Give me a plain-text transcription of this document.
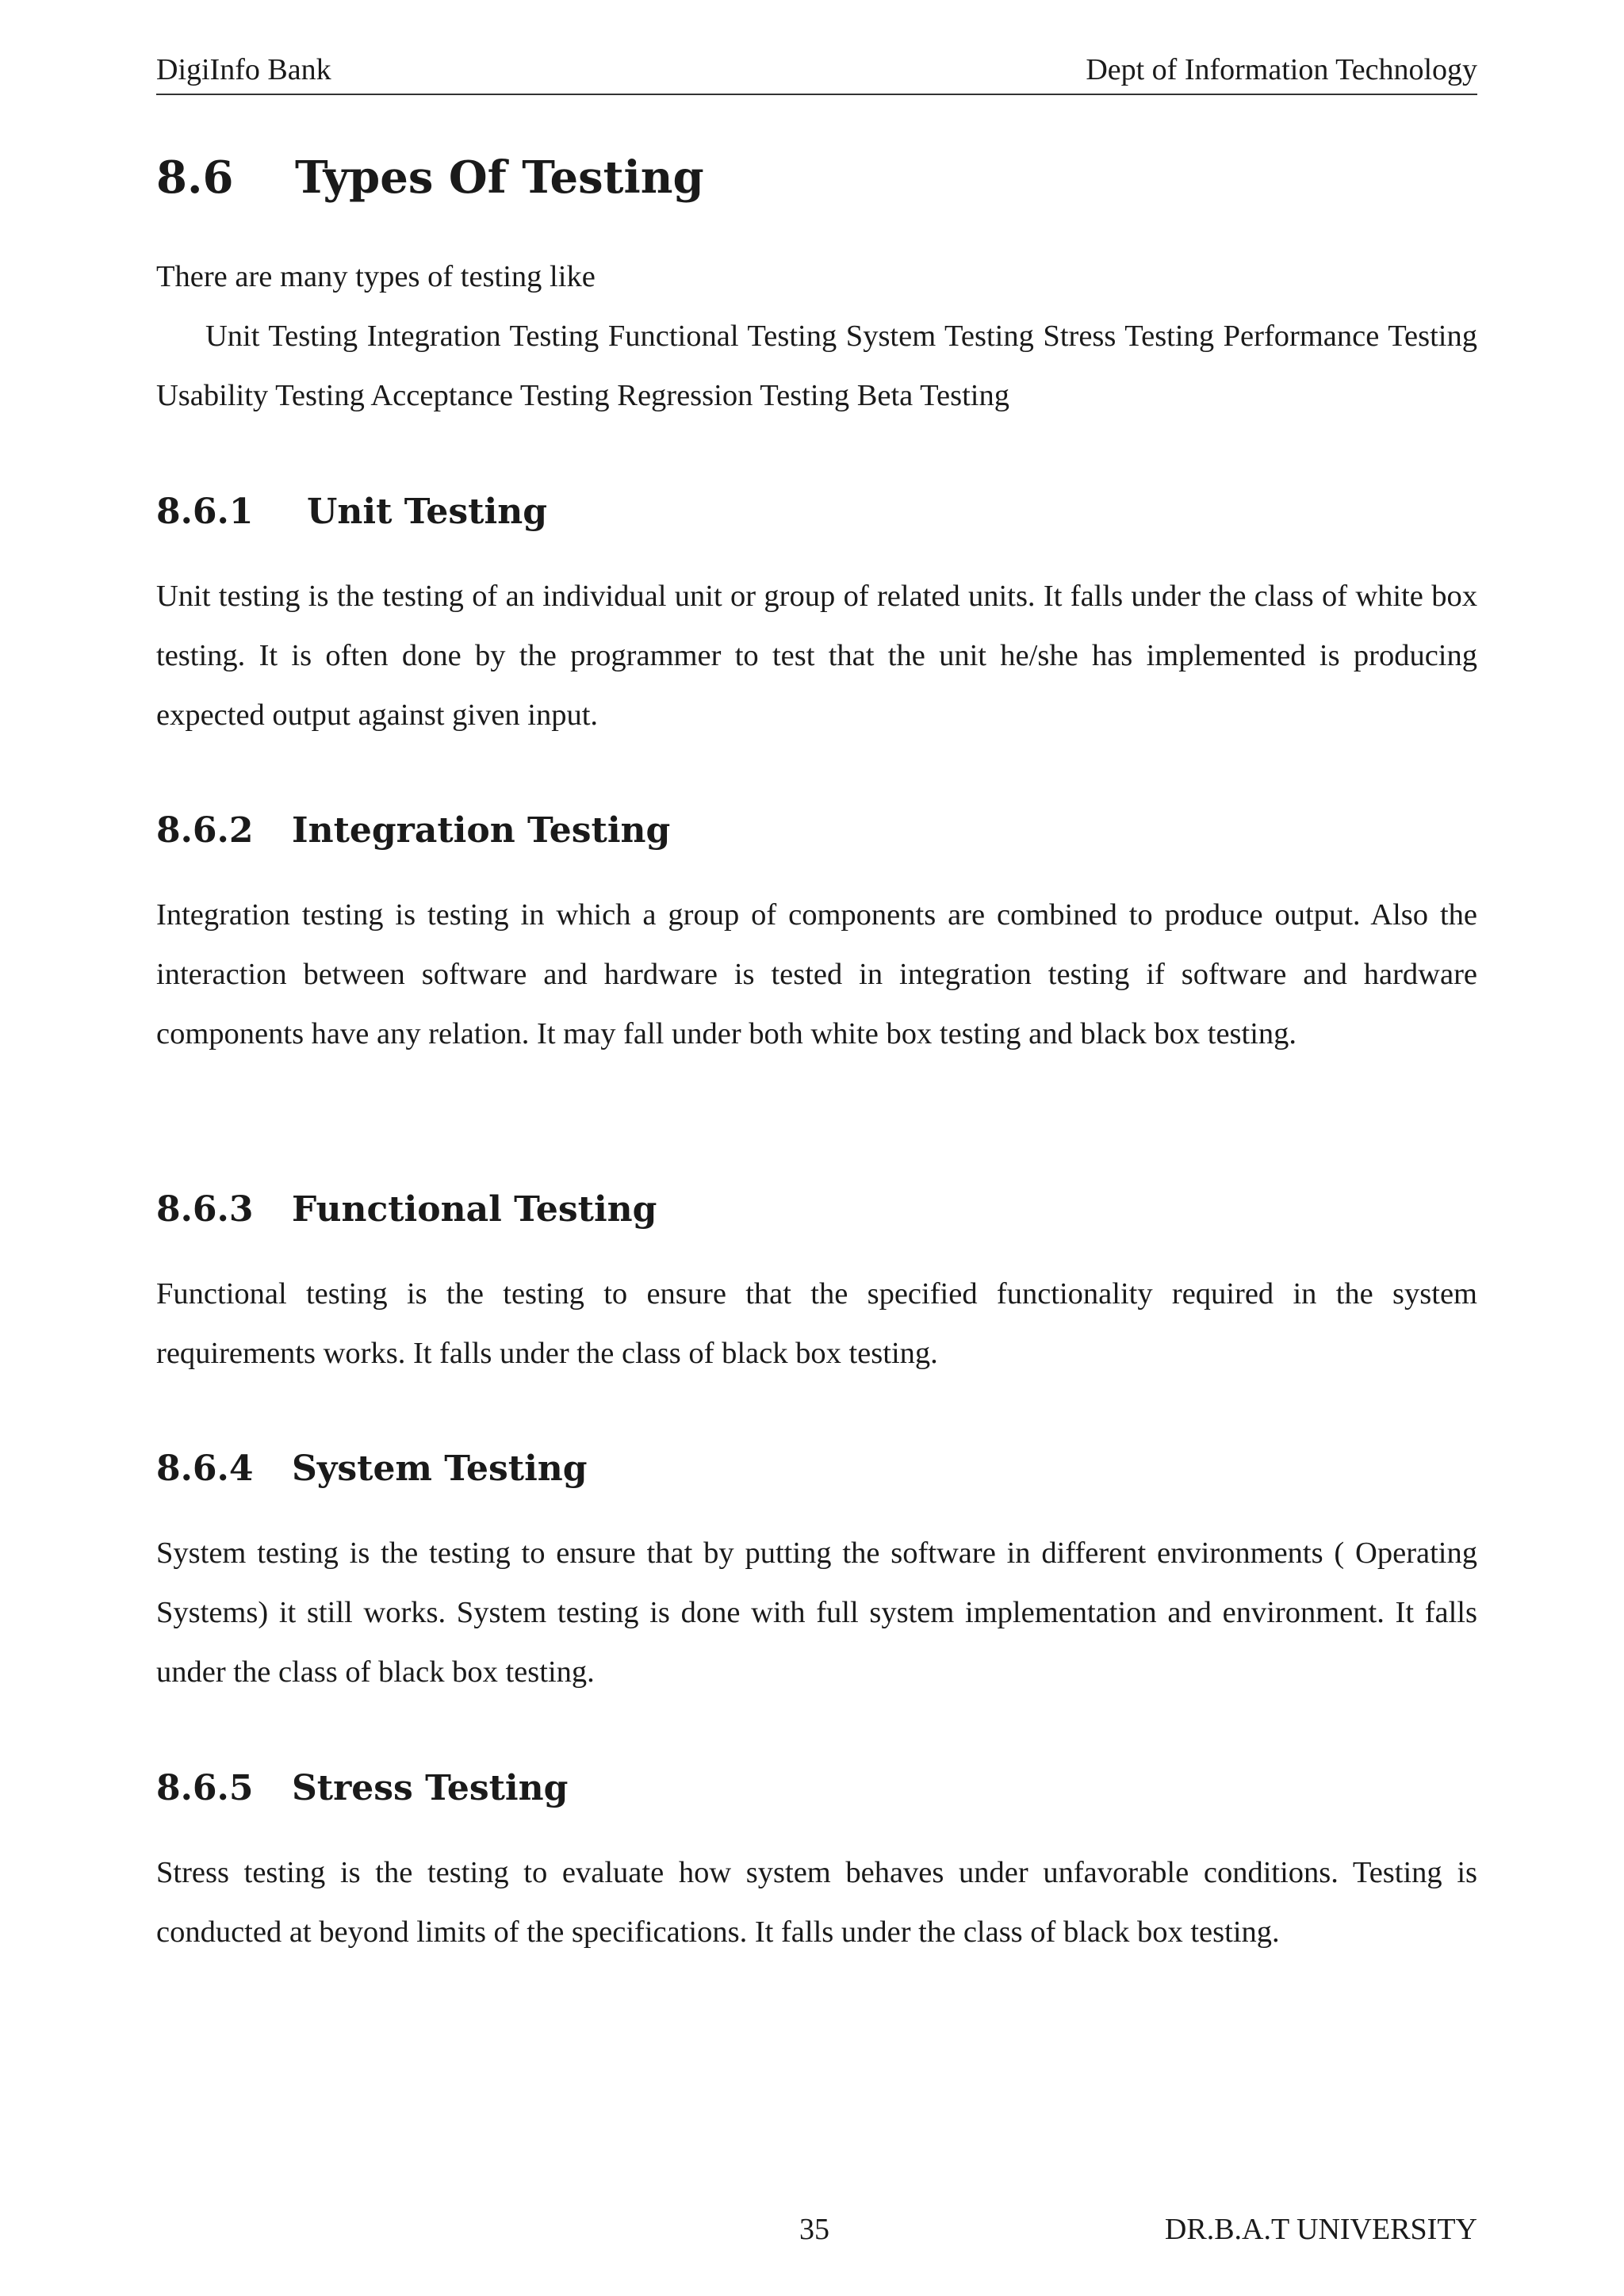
DigiInfo Bank	Dept of Information Technology
8.6 Types Of Testing

There are many types of testing like

Unit Testing Integration Testing Functional Testing System Testing Stress Testing Performance Testing Usability Testing Acceptance Testing Regression Testing Beta Testing

8.6.1 Unit Testing

Unit testing is the testing of an individual unit or group of related units. It falls under the class of white box testing. It is often done by the programmer to test that the unit he/she has implemented is producing expected output against given input.

8.6.2 Integration Testing

Integration testing is testing in which a group of components are combined to produce output. Also the interaction between software and hardware is tested in integration testing if software and hardware components have any relation. It may fall under both white box testing and black box testing.

8.6.3 Functional Testing

Functional testing is the testing to ensure that the specified functionality required in the system requirements works. It falls under the class of black box testing.

8.6.4 System Testing

System testing is the testing to ensure that by putting the software in different environments ( Operating Systems) it still works. System testing is done with full system implementation and environment. It falls under the class of black box testing.

8.6.5 Stress Testing

Stress testing is the testing to evaluate how system behaves under unfavorable conditions. Testing is conducted at beyond limits of the specifications. It falls under the class of black box testing.

35	DR.B.A.T UNIVERSITY
